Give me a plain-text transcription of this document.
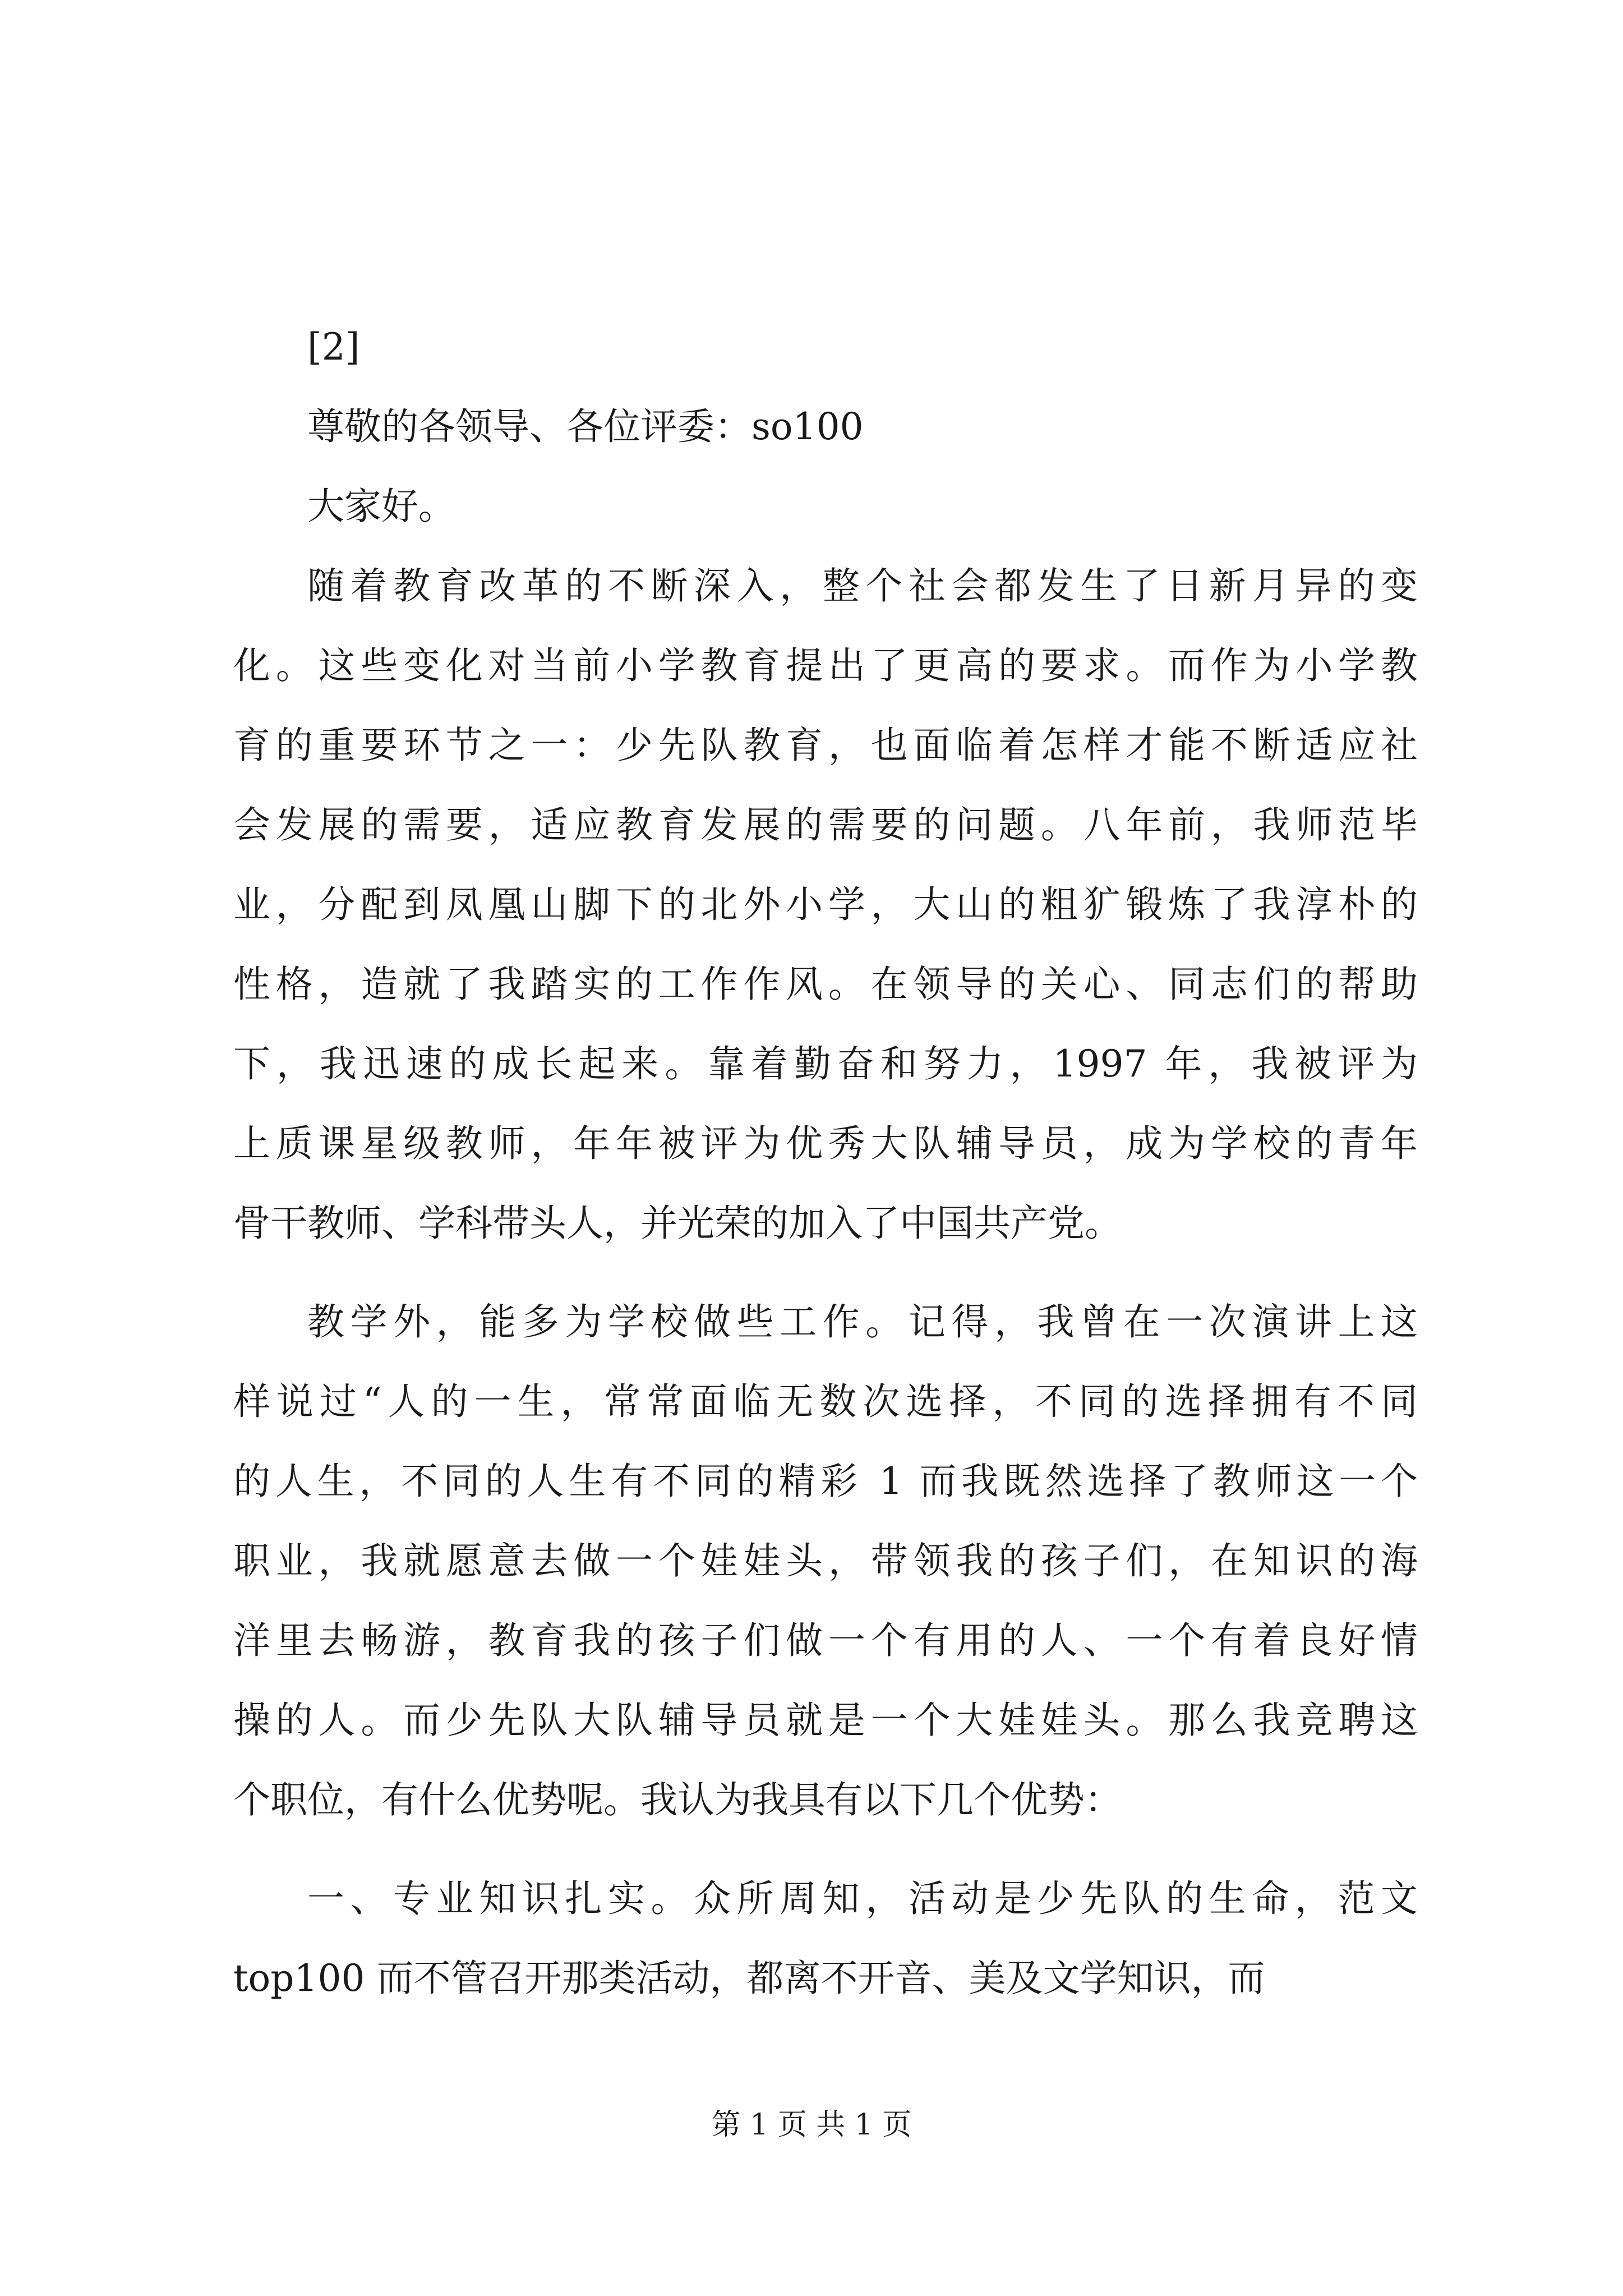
[2]
尊敬的各领导、各位评委：so100
大家好。
随着教育改革的不断深入，整个社会都发生了日新月异的变
化。这些变化对当前小学教育提出了更高的要求。而作为小学教
育的重要环节之一：少先队教育，也面临着怎样才能不断适应社
会发展的需要，适应教育发展的需要的问题。八年前，我师范毕
业，分配到凤凰山脚下的北外小学，大山的粗犷锻炼了我淳朴的
性格，造就了我踏实的工作作风。在领导的关心、同志们的帮助
下，我迅速的成长起来。靠着勤奋和努力，1997 年，我被评为
上质课星级教师，年年被评为优秀大队辅导员，成为学校的青年
骨干教师、学科带头人，并光荣的加入了中国共产党。
教学外，能多为学校做些工作。记得，我曾在一次演讲上这
样说过“人的一生，常常面临无数次选择，不同的选择拥有不同
的人生，不同的人生有不同的精彩 1 而我既然选择了教师这一个
职业，我就愿意去做一个娃娃头，带领我的孩子们，在知识的海
洋里去畅游，教育我的孩子们做一个有用的人、一个有着良好情
操的人。而少先队大队辅导员就是一个大娃娃头。那么我竞聘这
个职位，有什么优势呢。我认为我具有以下几个优势：
一、专业知识扎实。众所周知，活动是少先队的生命，范文
top100 而不管召开那类活动，都离不开音、美及文学知识，而
第 1 页 共 1 页
